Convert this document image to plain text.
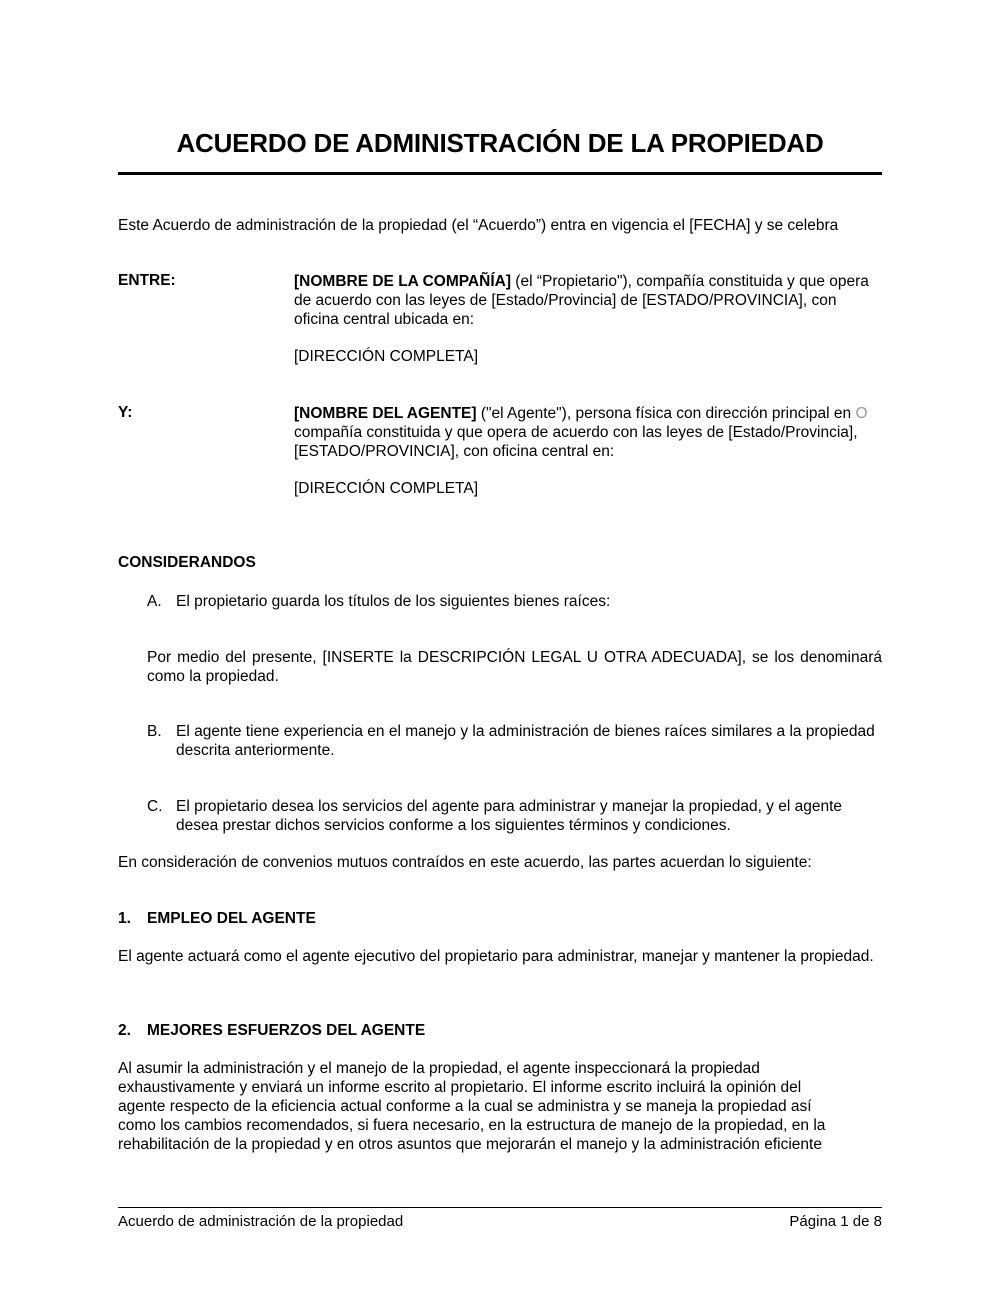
ACUERDO DE ADMINISTRACIÓN DE LA PROPIEDAD
Este Acuerdo de administración de la propiedad (el “Acuerdo”) entra en vigencia el [FECHA] y se celebra
ENTRE:	[NOMBRE DE LA COMPAÑÍA] (el “Propietario"), compañía constituida y que opera de acuerdo con las leyes de [Estado/Provincia] de [ESTADO/PROVINCIA], con oficina central ubicada en:
[DIRECCIÓN COMPLETA]
Y:	[NOMBRE DEL AGENTE] ("el Agente"), persona física con dirección principal en O compañía constituida y que opera de acuerdo con las leyes de [Estado/Provincia], [ESTADO/PROVINCIA], con oficina central en:
[DIRECCIÓN COMPLETA]
CONSIDERANDOS
A. El propietario guarda los títulos de los siguientes bienes raíces:
Por medio del presente, [INSERTE la DESCRIPCIÓN LEGAL U OTRA ADECUADA], se los denominará como la propiedad.
B. El agente tiene experiencia en el manejo y la administración de bienes raíces similares a la propiedad descrita anteriormente.
C. El propietario desea los servicios del agente para administrar y manejar la propiedad, y el agente desea prestar dichos servicios conforme a los siguientes términos y condiciones.
En consideración de convenios mutuos contraídos en este acuerdo, las partes acuerdan lo siguiente:
1. EMPLEO DEL AGENTE
El agente actuará como el agente ejecutivo del propietario para administrar, manejar y mantener la propiedad.
2. MEJORES ESFUERZOS DEL AGENTE
Al asumir la administración y el manejo de la propiedad, el agente inspeccionará la propiedad
exhaustivamente y enviará un informe escrito al propietario. El informe escrito incluirá la opinión del
agente respecto de la eficiencia actual conforme a la cual se administra y se maneja la propiedad así
como los cambios recomendados, si fuera necesario, en la estructura de manejo de la propiedad, en la
rehabilitación de la propiedad y en otros asuntos que mejorarán el manejo y la administración eficiente
Acuerdo de administración de la propiedad	Página 1 de 8
